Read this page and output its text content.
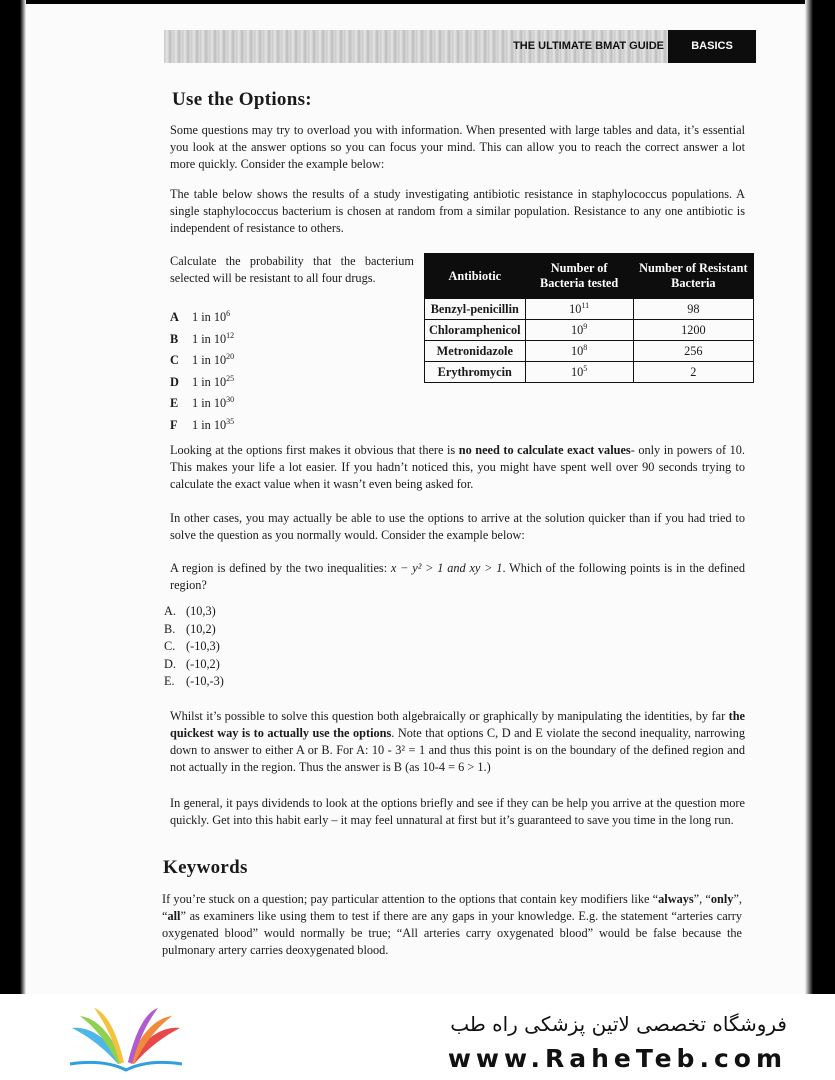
THE ULTIMATE BMAT GUIDE	BASICS
Use the Options:

Some questions may try to overload you with information. When presented with large tables and data, it’s essential you look at the answer options so you can focus your mind. This can allow you to reach the correct answer a lot more quickly. Consider the example below:

The table below shows the results of a study investigating antibiotic resistance in staphylococcus populations. A single staphylococcus bacterium is chosen at random from a similar population. Resistance to any one antibiotic is independent of resistance to others.

Calculate the probability that the bacterium selected will be resistant to all four drugs.

A 1 in $10^6$
B 1 in $10^{12}$
C 1 in $10^{20}$
D 1 in $10^{25}$
E 1 in $10^{30}$
F 1 in $10^{35}$
Antibiotic	Number of Bacteria tested	Number of Resistant Bacteria
Benzyl-penicillin	$10^{11}$	98
Chloramphenicol	$10^9$	1200
Metronidazole	$10^8$	256
Erythromycin	$10^5$	2

Looking at the options first makes it obvious that there is no need to calculate exact values- only in powers of 10. This makes your life a lot easier. If you hadn’t noticed this, you might have spent well over 90 seconds trying to calculate the exact value when it wasn’t even being asked for.

In other cases, you may actually be able to use the options to arrive at the solution quicker than if you had tried to solve the question as you normally would. Consider the example below:

A region is defined by the two inequalities: x − y² > 1 and xy > 1. Which of the following points is in the defined region?

A. (10,3)
B. (10,2)
C. (-10,3)
D. (-10,2)
E. (-10,-3)

Whilst it’s possible to solve this question both algebraically or graphically by manipulating the identities, by far the quickest way is to actually use the options. Note that options C, D and E violate the second inequality, narrowing down to answer to either A or B. For A: 10 - 3² = 1 and thus this point is on the boundary of the defined region and not actually in the region. Thus the answer is B (as 10-4 = 6 > 1.)

In general, it pays dividends to look at the options briefly and see if they can be help you arrive at the question more quickly. Get into this habit early – it may feel unnatural at first but it’s guaranteed to save you time in the long run.

Keywords

If you’re stuck on a question; pay particular attention to the options that contain key modifiers like “always”, “only”, “all” as examiners like using them to test if there are any gaps in your knowledge. E.g. the statement “arteries carry oxygenated blood” would normally be true; “All arteries carry oxygenated blood” would be false because the pulmonary artery carries deoxygenated blood.

فروشگاه تخصصی لاتین پزشکی راه طب
www.RaheTeb.com
